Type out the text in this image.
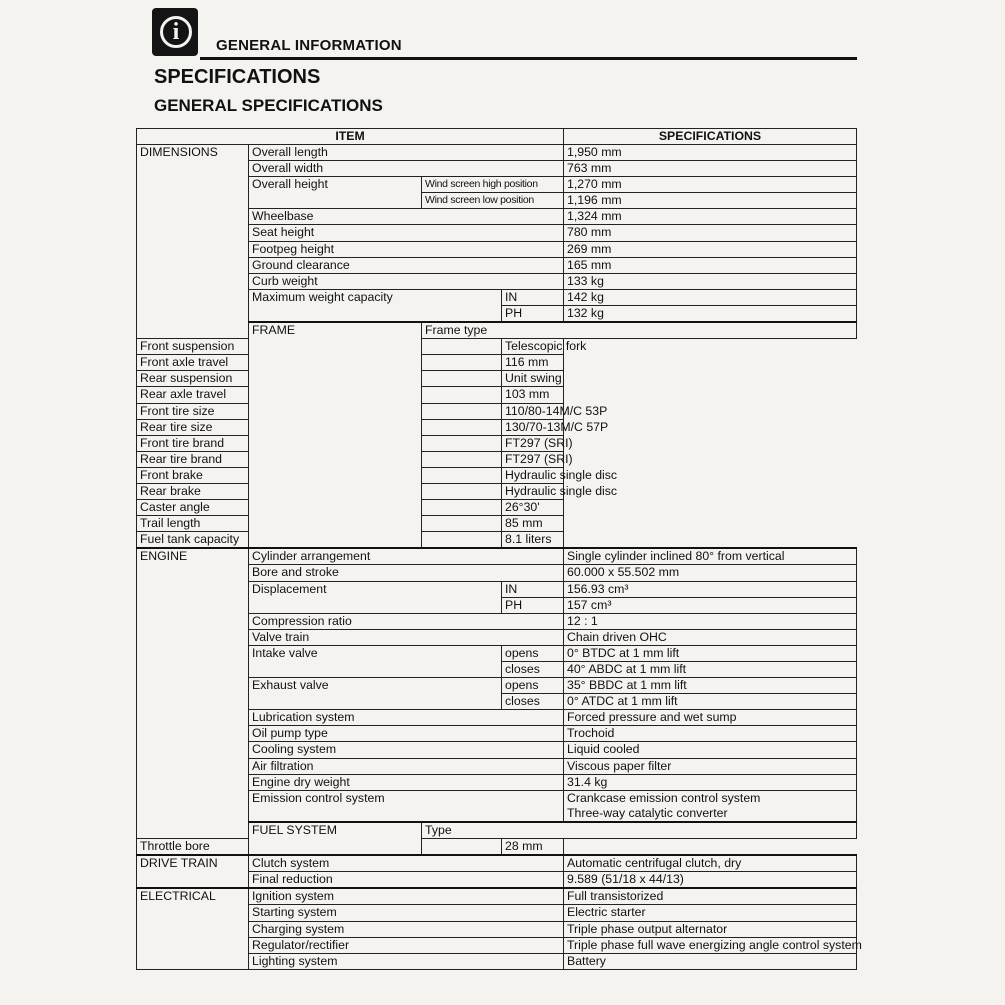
i
GENERAL INFORMATION
SPECIFICATIONS
GENERAL SPECIFICATIONS
ITEM				SPECIFICATIONS	
DIMENSIONS	Overall length			1,950 mm	
	Overall width			763 mm	
	Overall height	Wind screen high position		1,270 mm	
		Wind screen low position		1,196 mm	
	Wheelbase			1,324 mm	
	Seat height			780 mm	
	Footpeg height			269 mm	
	Ground clearance			165 mm	
	Curb weight			133 kg	
	Maximum weight capacity		IN	142 kg	
			PH	132 kg	
	FRAME	Frame type	
Front suspension			Telescopic fork		
Front axle travel			116 mm		
Rear suspension			Unit swing		
Rear axle travel			103 mm		
Front tire size			110/80-14M/C 53P		
Rear tire size			130/70-13M/C 57P		
Front tire brand			FT297 (SRI)		
Rear tire brand			FT297 (SRI)		
Front brake			Hydraulic single disc		
Rear brake			Hydraulic single disc		
Caster angle			26°30'		
Trail length			85 mm		
Fuel tank capacity			8.1 liters		
ENGINE	Cylinder arrangement			Single cylinder inclined 80° from vertical	
	Bore and stroke			60.000 x 55.502 mm	
	Displacement		IN	156.93 cm³	
			PH	157 cm³	
	Compression ratio			12 : 1	
	Valve train			Chain driven OHC	
	Intake valve		opens	0° BTDC at 1 mm lift	
			closes	40° ABDC at 1 mm lift	
	Exhaust valve		opens	35° BBDC at 1 mm lift	
			closes	0° ATDC at 1 mm lift	
	Lubrication system			Forced pressure and wet sump	
	Oil pump type			Trochoid	
	Cooling system			Liquid cooled	
	Air filtration			Viscous paper filter	
	Engine dry weight			31.4 kg	
	Emission control system			Crankcase emission control system	
				Three-way catalytic converter	
	FUEL SYSTEM	Type	
Throttle bore			28 mm		
DRIVE TRAIN	Clutch system			Automatic centrifugal clutch, dry	
	Final reduction			9.589 (51/18 x 44/13)	
ELECTRICAL	Ignition system			Full transistorized	
	Starting system			Electric starter	
	Charging system			Triple phase output alternator	
	Regulator/rectifier			Triple phase full wave energizing angle control system	

	Lighting system			Battery	
